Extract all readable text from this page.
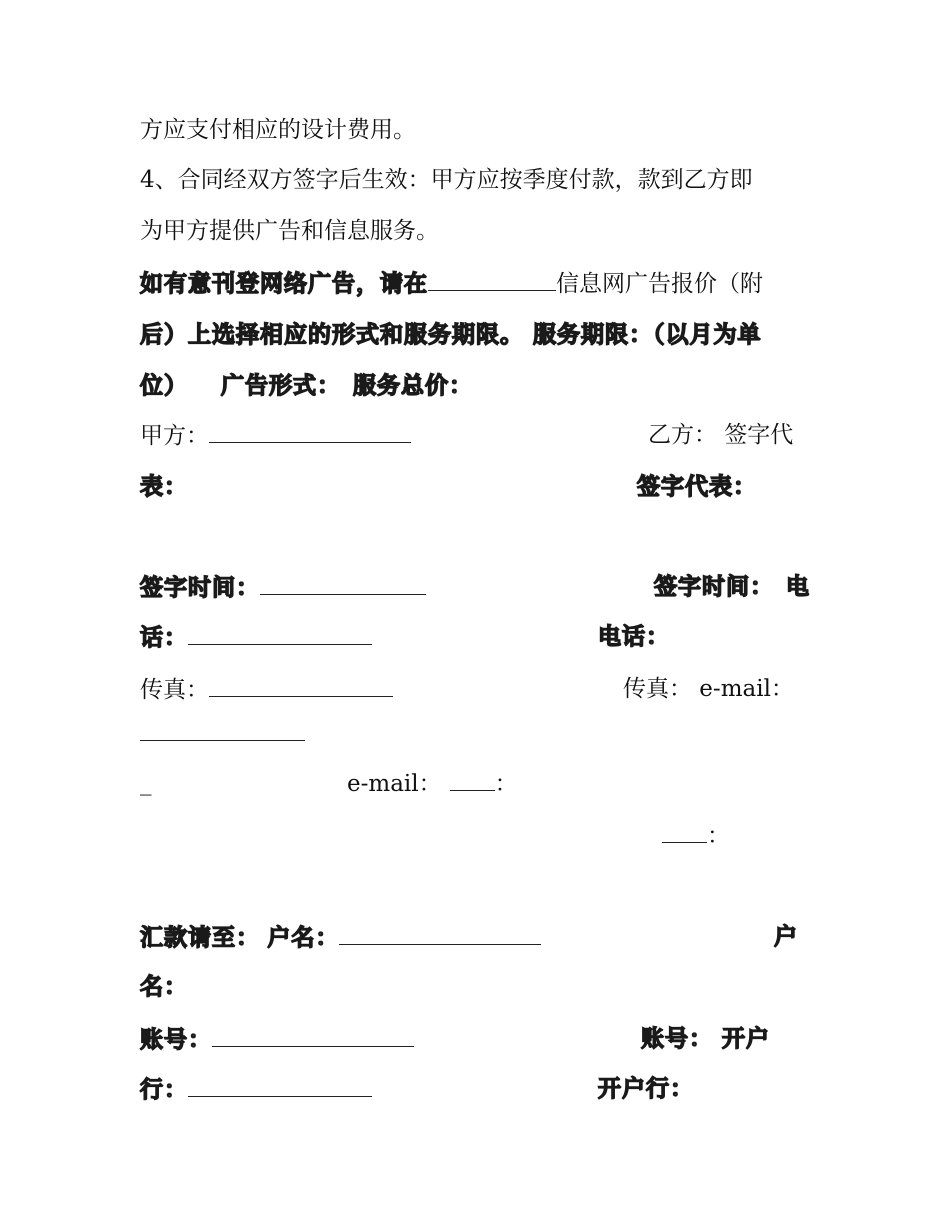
方应支付相应的设计费用。
4、合同经双方签字后生效：甲方应按季度付款，款到乙方即
为甲方提供广告和信息服务。
如有意刊登网络广告，请在	信息网广告报价（附
后）上选择相应的形式和服务期限。 服务期限：（以月为单
位） 广告形式： 服务总价：
甲方：	乙方： 签字代
表：	签字代表：
签字时间：	签字时间： 电
话：	电话：
传真：	传真： e-mail：
_	e-mail： ：
：
汇款请至： 户名：	户
名：
账号：	账号： 开户
行：	开户行：
